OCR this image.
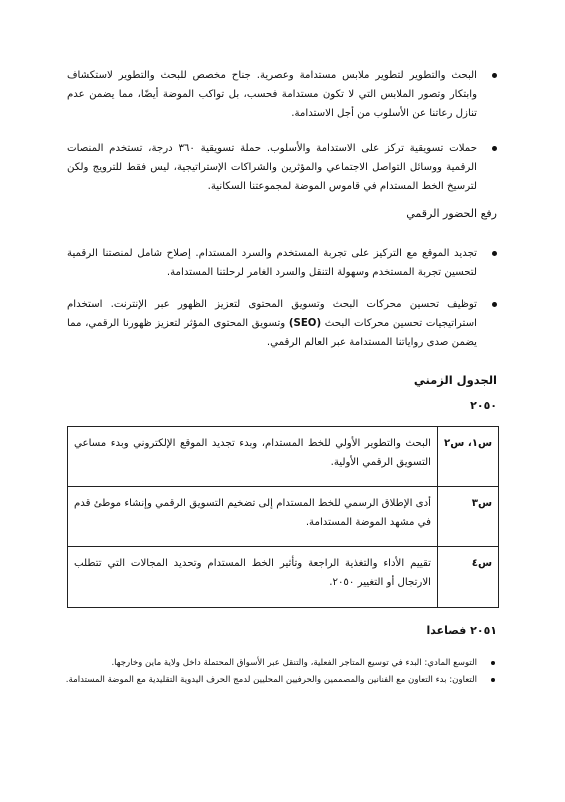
البحث والتطوير لتطوير ملابس مستدامة وعصرية. جناح مخصص للبحث والتطوير لاستكشاف وابتكار وتصور الملابس التي لا تكون مستدامة فحسب، بل تواكب الموضة أيضًا، مما يضمن عدم تنازل رعاتنا عن الأسلوب من أجل الاستدامة.
حملات تسويقية تركز على الاستدامة والأسلوب. حملة تسويقية ٣٦٠ درجة، تستخدم المنصات الرقمية ووسائل التواصل الاجتماعي والمؤثرين والشراكات الإستراتيجية، ليس فقط للترويج ولكن لترسيخ الخط المستدام في قاموس الموضة لمجموعتنا السكانية.
رفع الحضور الرقمي
تجديد الموقع مع التركيز على تجربة المستخدم والسرد المستدام. إصلاح شامل لمنصتنا الرقمية لتحسين تجربة المستخدم وسهولة التنقل والسرد الغامر لرحلتنا المستدامة.
توظيف تحسين محركات البحث وتسويق المحتوى لتعزيز الظهور عبر الإنترنت. استخدام استراتيجيات تحسين محركات البحث (SEO) وتسويق المحتوى المؤثر لتعزيز ظهورنا الرقمي، مما يضمن صدى رواياتنا المستدامة عبر العالم الرقمي.
الجدول الزمني
٢٠٥٠
س١، س٢	البحث والتطوير الأولي للخط المستدام، وبدء تجديد الموقع الإلكتروني وبدء مساعي التسويق الرقمي الأولية.
س٣	أدى الإطلاق الرسمي للخط المستدام إلى تضخيم التسويق الرقمي وإنشاء موطئ قدم في مشهد الموضة المستدامة.
س٤	تقييم الأداء والتغذية الراجعة وتأثير الخط المستدام وتحديد المجالات التي تتطلب الارتجال أو التغيير ٢٠٥٠.
٢٠٥١ فصاعدا
التوسع المادي: البدء في توسيع المتاجر الفعلية، والتنقل عبر الأسواق المحتملة داخل ولاية ماين وخارجها.
التعاون: بدء التعاون مع الفنانين والمصممين والحرفيين المحليين لدمج الحرف اليدوية التقليدية مع الموضة المستدامة.
